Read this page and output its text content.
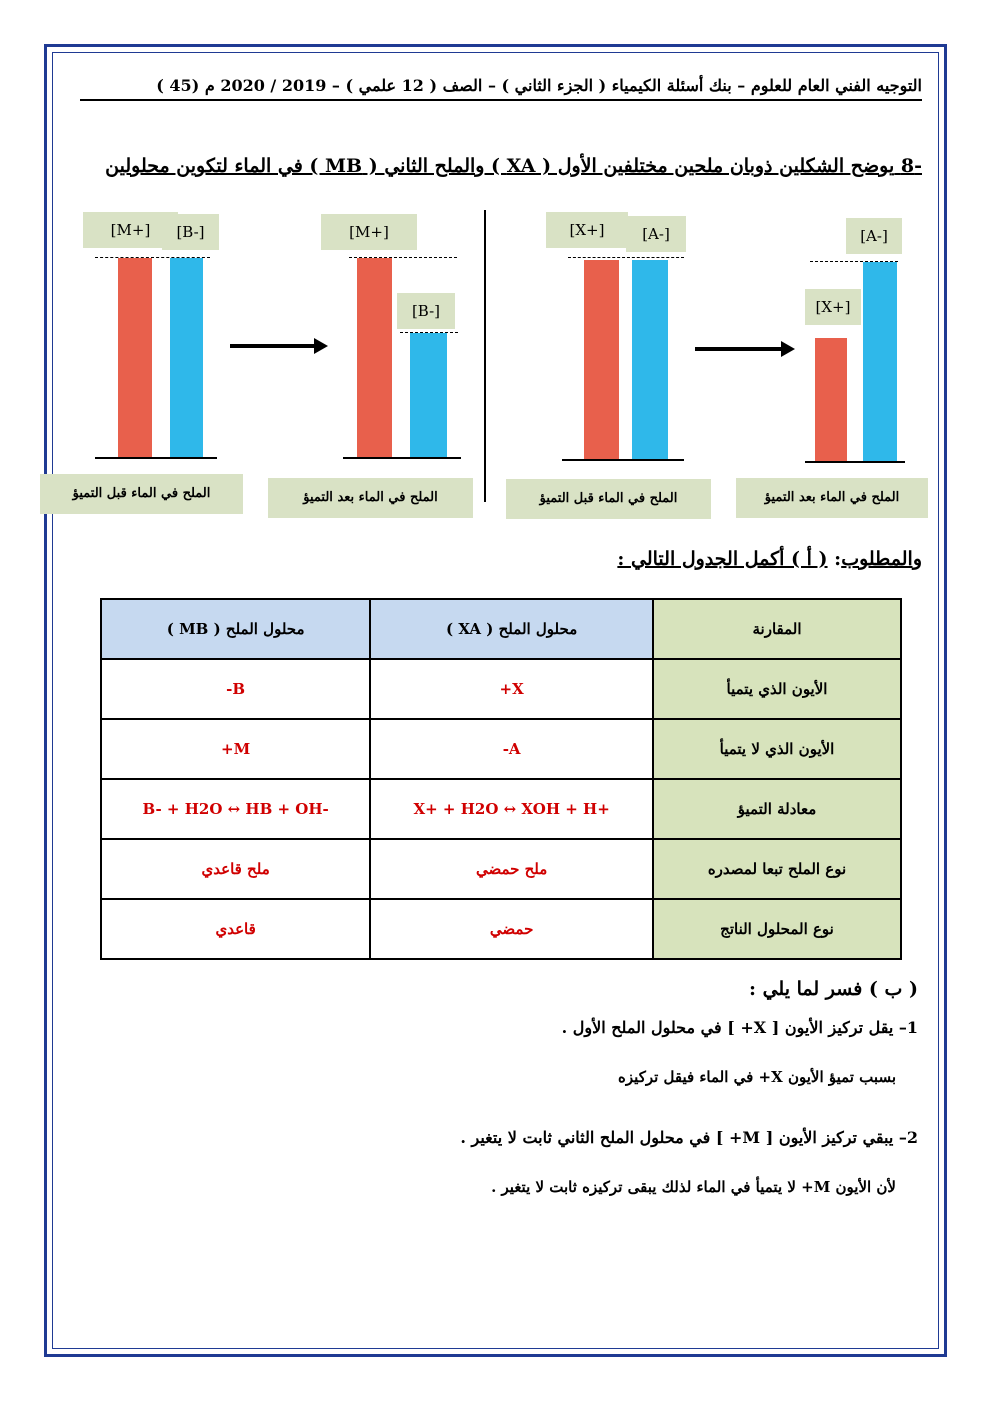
التوجيه الفني العام للعلوم – بنك أسئلة الكيمياء ( الجزء الثاني ) – الصف ( 12 علمي ) – 2019 / 2020 م (45 )
-8 يوضح الشكلين ذوبان ملحين مختلفين الأول ( XA ) والملح الثاني ( MB ) في الماء لتكوين محلولين
[M+]	[B-]
الملح في الماء قبل التميؤ
[M+]
[B-]
الملح في الماء بعد التميؤ
[X+]	[A-]
الملح في الماء قبل التميؤ
[A-]
[X+]
الملح في الماء بعد التميؤ
والمطلوب: ( أ ) أكمل الجدول التالي :
المقارنة	محلول الملح ( XA )	محلول الملح ( MB )
الأيون الذي يتميأ	X+	B-
الأيون الذي لا يتميأ	A-	M+
معادلة التميؤ	X+ + H2O ↔ XOH + H+	B- + H2O ↔ HB + OH-
نوع الملح تبعا لمصدره	ملح حمضي	ملح قاعدي
نوع المحلول الناتج	حمضي	قاعدي
( ب ) فسر لما يلي :
1– يقل تركيز الأيون [ X+ ] في محلول الملح الأول .
بسبب تميؤ الأيون X+ في الماء فيقل تركيزه
2– يبقي تركيز الأيون [ M+ ] في محلول الملح الثاني ثابت لا يتغير .
لأن الأيون M+ لا يتميأ في الماء لذلك يبقى تركيزه ثابت لا يتغير .
